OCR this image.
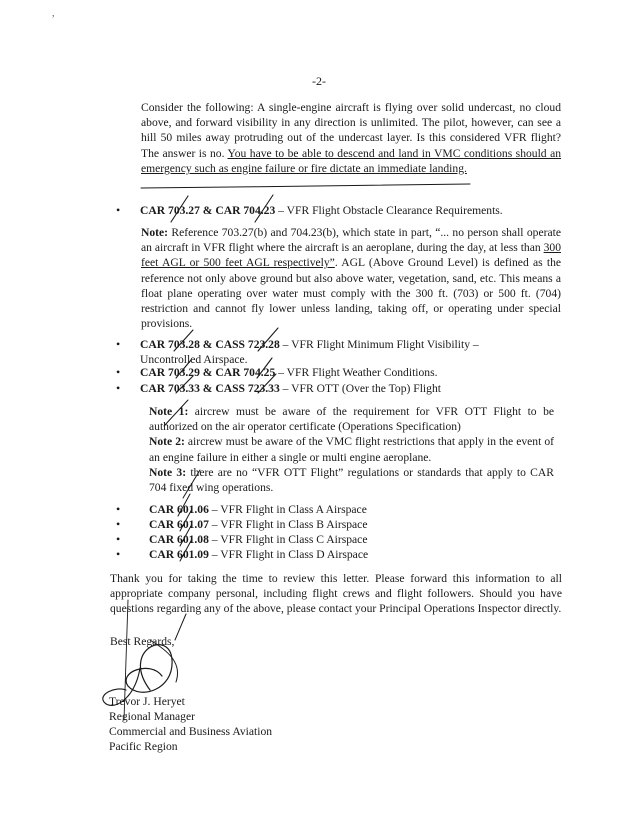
,
-2-

Consider the following: A single-engine aircraft is flying over solid undercast, no cloud above, and forward visibility in any direction is unlimited. The pilot, however, can see a hill 50 miles away protruding out of the undercast layer. Is this considered VFR flight? The answer is no. You have to be able to descend and land in VMC conditions should an emergency such as engine failure or fire dictate an immediate landing.

•	CAR 703.27 & CAR 704.23 – VFR Flight Obstacle Clearance Requirements.

Note: Reference 703.27(b) and 704.23(b), which state in part, “... no person shall operate an aircraft in VFR flight where the aircraft is an aeroplane, during the day, at less than 300 feet AGL or 500 feet AGL respectively”. AGL (Above Ground Level) is defined as the reference not only above ground but also above water, vegetation, sand, etc. This means a float plane operating over water must comply with the 300 ft. (703) or 500 ft. (704) restriction and cannot fly lower unless landing, taking off, or operating under special provisions.

•	CAR 703.28 & CASS 723.28 – VFR Flight Minimum Flight Visibility –
Uncontrolled Airspace.
•	CAR 703.29 & CAR 704.25 – VFR Flight Weather Conditions.
•	CAR 703.33 & CASS 723.33 – VFR OTT (Over the Top) Flight

Note 1: aircrew must be aware of the requirement for VFR OTT Flight to be authorized on the air operator certificate (Operations Specification)

Note 2: aircrew must be aware of the VMC flight restrictions that apply in the event of an engine failure in either a single or multi engine aeroplane.

Note 3: there are no “VFR OTT Flight” regulations or standards that apply to CAR 704 fixed wing operations.

•	CAR 601.06 – VFR Flight in Class A Airspace
•	CAR 601.07 – VFR Flight in Class B Airspace
•	CAR 601.08 – VFR Flight in Class C Airspace
•	CAR 601.09 – VFR Flight in Class D Airspace
Thank you for taking the time to review this letter. Please forward this information to all appropriate company personal, including flight crews and flight followers. Should you have questions regarding any of the above, please contact your Principal Operations Inspector directly.
Best Regards,
Trevor J. Heryet
Regional Manager
Commercial and Business Aviation
Pacific Region
